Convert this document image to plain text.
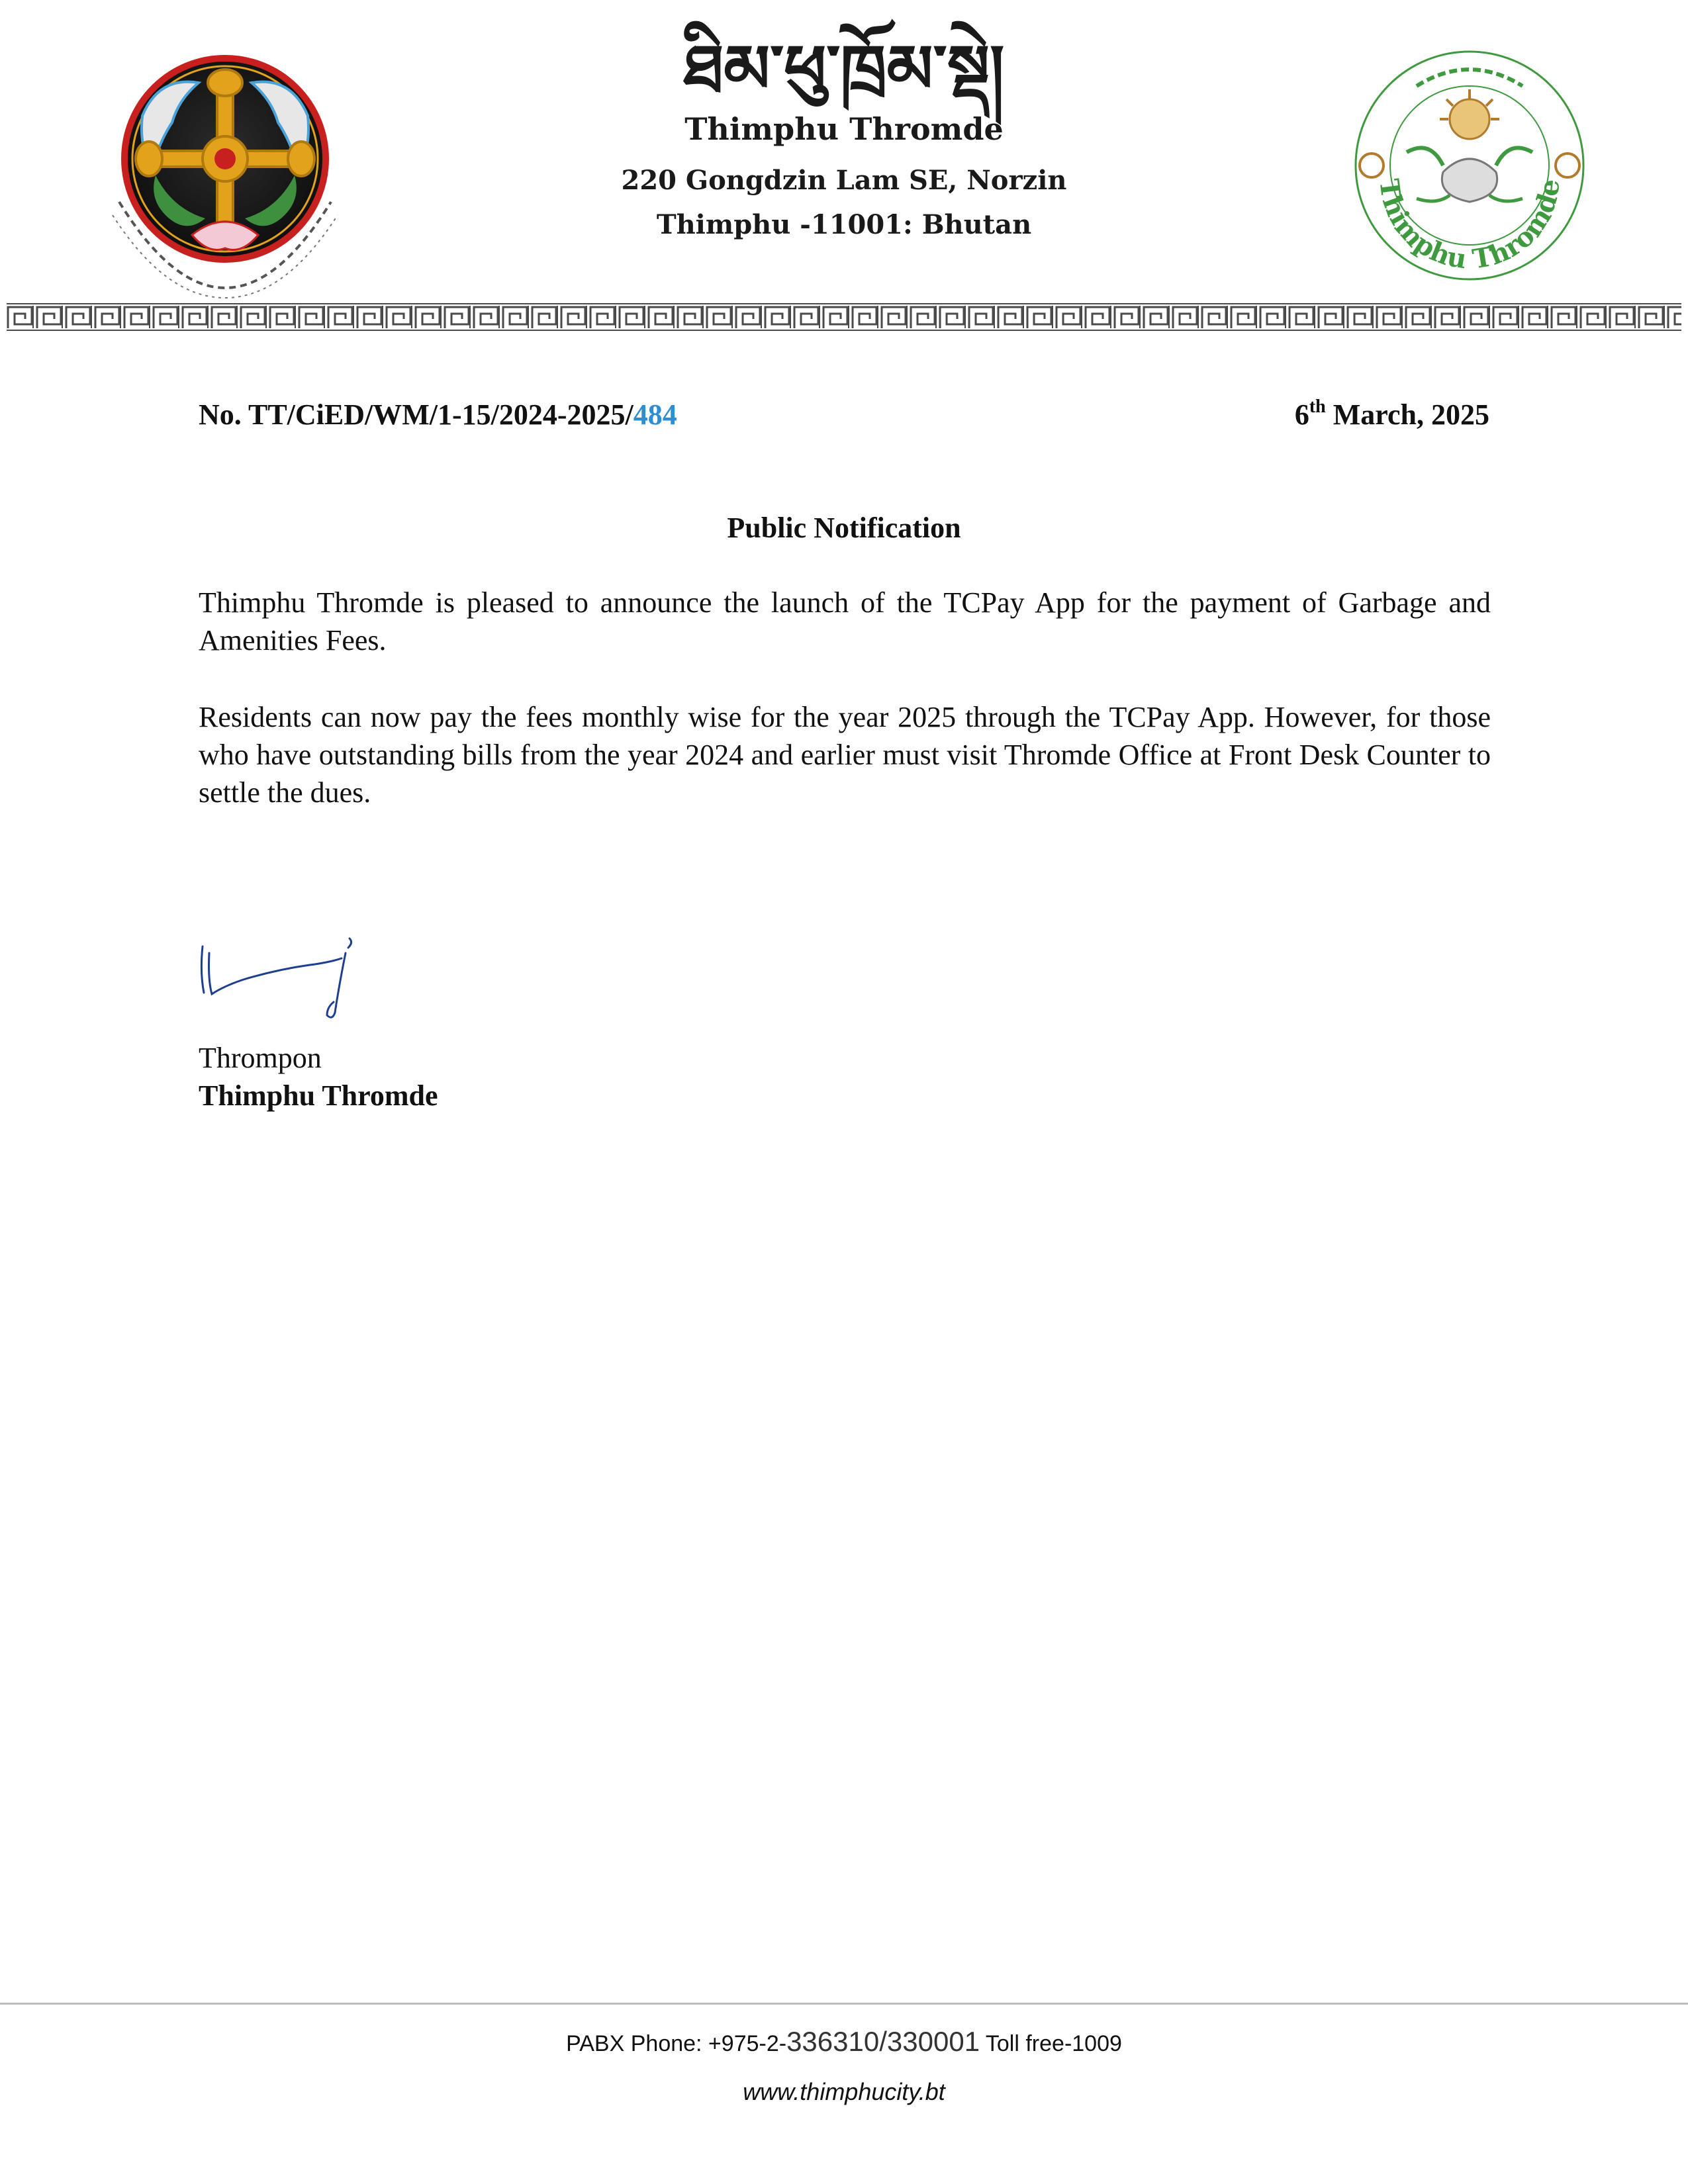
ཐིམ་ཕུ་ཁྲོམ་སྡེ།
Thimphu Thromde
220 Gongdzin Lam SE, Norzin
Thimphu -11001: Bhutan
Thimphu Thromde
No. TT/CiED/WM/1-15/2024-2025/484	6th March, 2025
Public Notification
Thimphu Thromde is pleased to announce the launch of the TCPay App for the payment of Garbage and Amenities Fees.
Residents can now pay the fees monthly wise for the year 2025 through the TCPay App. However, for those who have outstanding bills from the year 2024 and earlier must visit Thromde Office at Front Desk Counter to settle the dues.
Thrompon
Thimphu Thromde
PABX Phone: +975-2-336310/330001 Toll free-1009
www.thimphucity.bt
